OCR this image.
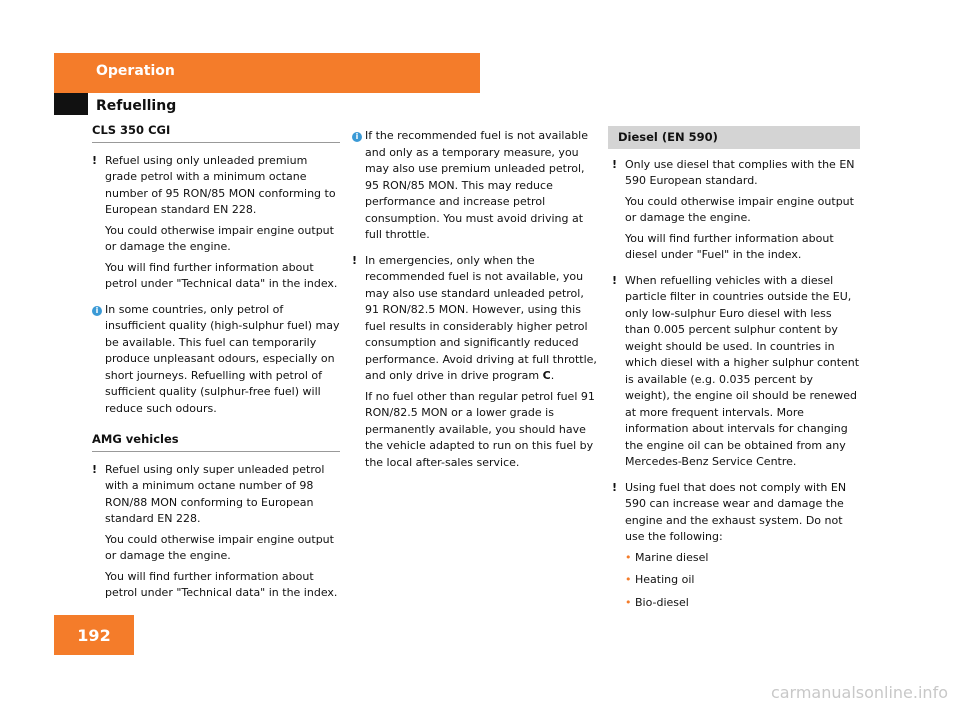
Operation
Refuelling
CLS 350 CGI
! Refuel using only unleaded premium grade petrol with a minimum octane number of 95 RON/85 MON conforming to European standard EN 228.

You could otherwise impair engine output or damage the engine.

You will find further information about petrol under "Technical data" in the index.

i In some countries, only petrol of insufficient quality (high-sulphur fuel) may be available. This fuel can temporarily produce unpleasant odours, especially on short journeys. Refuelling with petrol of sufficient quality (sulphur-free fuel) will reduce such odours.

AMG vehicles
! Refuel using only super unleaded petrol with a minimum octane number of 98 RON/88 MON conforming to European standard EN 228.

You could otherwise impair engine output or damage the engine.

You will find further information about petrol under "Technical data" in the index.

i If the recommended fuel is not available and only as a temporary measure, you may also use premium unleaded petrol, 95 RON/85 MON. This may reduce performance and increase petrol consumption. You must avoid driving at full throttle.

! In emergencies, only when the recommended fuel is not available, you may also use standard unleaded petrol, 91 RON/82.5 MON. However, using this fuel results in considerably higher petrol consumption and significantly reduced performance. Avoid driving at full throttle, and only drive in drive program C.

If no fuel other than regular petrol fuel 91 RON/82.5 MON or a lower grade is permanently available, you should have the vehicle adapted to run on this fuel by the local after-sales service.

Diesel (EN 590)
! Only use diesel that complies with the EN 590 European standard.

You could otherwise impair engine output or damage the engine.

You will find further information about diesel under "Fuel" in the index.

! When refuelling vehicles with a diesel particle filter in countries outside the EU, only low-sulphur Euro diesel with less than 0.005 percent sulphur content by weight should be used. In countries in which diesel with a higher sulphur content is available (e.g. 0.035 percent by weight), the engine oil should be renewed at more frequent intervals. More information about intervals for changing the engine oil can be obtained from any Mercedes-Benz Service Centre.

! Using fuel that does not comply with EN 590 can increase wear and damage the engine and the exhaust system. Do not use the following:

• Marine diesel
• Heating oil
• Bio-diesel
192
carmanualsonline.info
